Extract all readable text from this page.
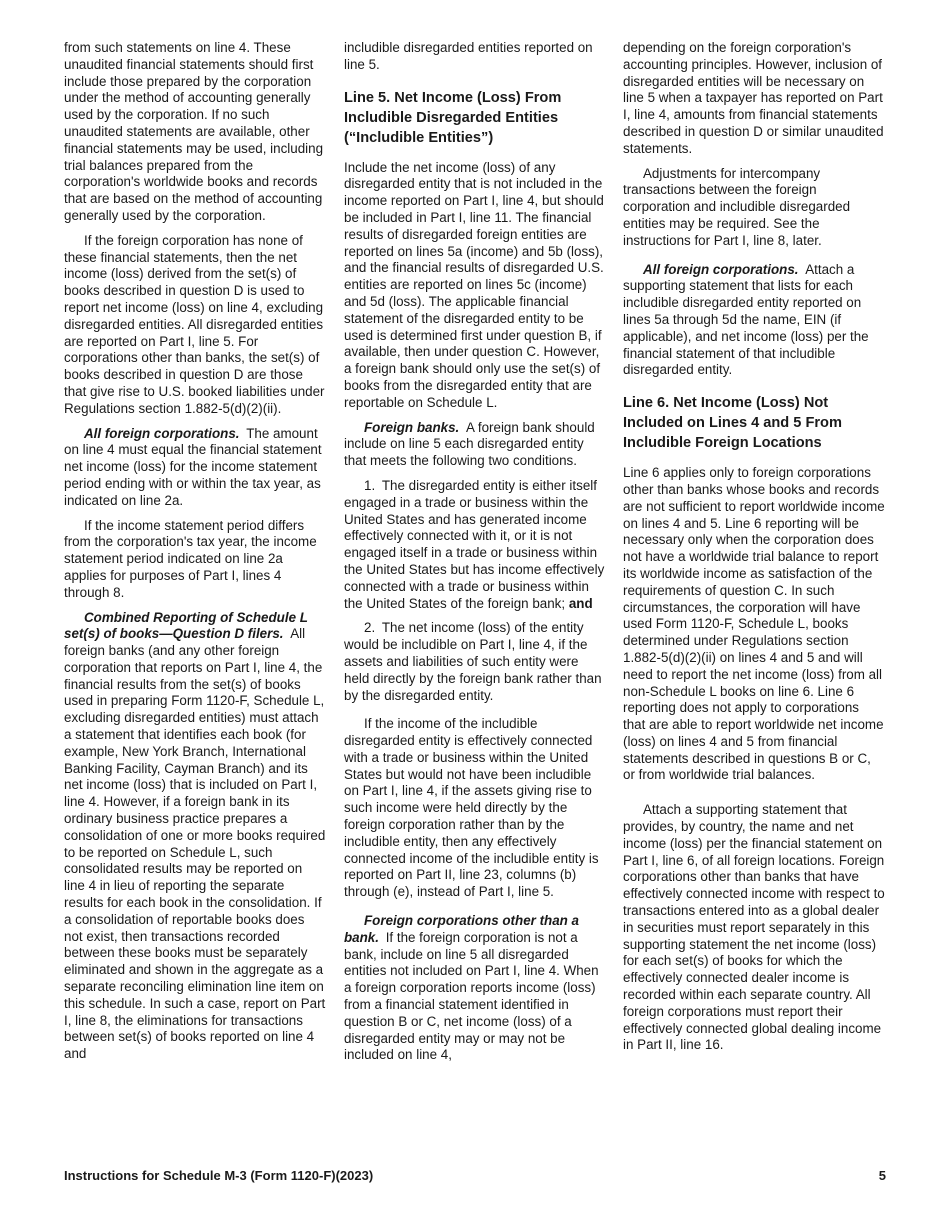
from such statements on line 4. These unaudited financial statements should first include those prepared by the corporation under the method of accounting generally used by the corporation. If no such unaudited statements are available, other financial statements may be used, including trial balances prepared from the corporation's worldwide books and records that are based on the method of accounting generally used by the corporation.

If the foreign corporation has none of these financial statements, then the net income (loss) derived from the set(s) of books described in question D is used to report net income (loss) on line 4, excluding disregarded entities. All disregarded entities are reported on Part I, line 5. For corporations other than banks, the set(s) of books described in question D are those that give rise to U.S. booked liabilities under Regulations section 1.882-5(d)(2)(ii).

All foreign corporations.  The amount on line 4 must equal the financial statement net income (loss) for the income statement period ending with or within the tax year, as indicated on line 2a.

If the income statement period differs from the corporation's tax year, the income statement period indicated on line 2a applies for purposes of Part I, lines 4 through 8.

Combined Reporting of Schedule L set(s) of books—Question D filers.  All foreign banks (and any other foreign corporation that reports on Part I, line 4, the financial results from the set(s) of books used in preparing Form 1120-F, Schedule L, excluding disregarded entities) must attach a statement that identifies each book (for example, New York Branch, International Banking Facility, Cayman Branch) and its net income (loss) that is included on Part I, line 4. However, if a foreign bank in its ordinary business practice prepares a consolidation of one or more books required to be reported on Schedule L, such consolidated results may be reported on line 4 in lieu of reporting the separate results for each book in the consolidation. If a consolidation of reportable books does not exist, then transactions recorded between these books must be separately eliminated and shown in the aggregate as a separate reconciling elimination line item on this schedule. In such a case, report on Part I, line 8, the eliminations for transactions between set(s) of books reported on line 4 and

includible disregarded entities reported on line 5.

Line 5. Net Income (Loss) From Includible Disregarded Entities (“Includible Entities”)

Include the net income (loss) of any disregarded entity that is not included in the income reported on Part I, line 4, but should be included in Part I, line 11. The financial results of disregarded foreign entities are reported on lines 5a (income) and 5b (loss), and the financial results of disregarded U.S. entities are reported on lines 5c (income) and 5d (loss). The applicable financial statement of the disregarded entity to be used is determined first under question B, if available, then under question C. However, a foreign bank should only use the set(s) of books from the disregarded entity that are reportable on Schedule L.

Foreign banks.  A foreign bank should include on line 5 each disregarded entity that meets the following two conditions.

1. The disregarded entity is either itself engaged in a trade or business within the United States and has generated income effectively connected with it, or it is not engaged itself in a trade or business within the United States but has income effectively connected with a trade or business within the United States of the foreign bank; and

2. The net income (loss) of the entity would be includible on Part I, line 4, if the assets and liabilities of such entity were held directly by the foreign bank rather than by the disregarded entity.

If the income of the includible disregarded entity is effectively connected with a trade or business within the United States but would not have been includible on Part I, line 4, if the assets giving rise to such income were held directly by the foreign corporation rather than by the includible entity, then any effectively connected income of the includible entity is reported on Part II, line 23, columns (b) through (e), instead of Part I, line 5.

Foreign corporations other than a bank.  If the foreign corporation is not a bank, include on line 5 all disregarded entities not included on Part I, line 4. When a foreign corporation reports income (loss) from a financial statement identified in question B or C, net income (loss) of a disregarded entity may or may not be included on line 4,

depending on the foreign corporation's accounting principles. However, inclusion of disregarded entities will be necessary on line 5 when a taxpayer has reported on Part I, line 4, amounts from financial statements described in question D or similar unaudited statements.

Adjustments for intercompany transactions between the foreign corporation and includible disregarded entities may be required. See the instructions for Part I, line 8, later.

All foreign corporations.  Attach a supporting statement that lists for each includible disregarded entity reported on lines 5a through 5d the name, EIN (if applicable), and net income (loss) per the financial statement of that includible disregarded entity.

Line 6. Net Income (Loss) Not Included on Lines 4 and 5 From Includible Foreign Locations

Line 6 applies only to foreign corporations other than banks whose books and records are not sufficient to report worldwide income on lines 4 and 5. Line 6 reporting will be necessary only when the corporation does not have a worldwide trial balance to report its worldwide income as satisfaction of the requirements of question C. In such circumstances, the corporation will have used Form 1120-F, Schedule L, books determined under Regulations section 1.882-5(d)(2)(ii) on lines 4 and 5 and will need to report the net income (loss) from all non-Schedule L books on line 6. Line 6 reporting does not apply to corporations that are able to report worldwide net income (loss) on lines 4 and 5 from financial statements described in questions B or C, or from worldwide trial balances.

Attach a supporting statement that provides, by country, the name and net income (loss) per the financial statement on Part I, line 6, of all foreign locations. Foreign corporations other than banks that have effectively connected income with respect to transactions entered into as a global dealer in securities must report separately in this supporting statement the net income (loss) for each set(s) of books for which the effectively connected dealer income is recorded within each separate country. All foreign corporations must report their effectively connected global dealing income in Part II, line 16.

Instructions for Schedule M-3 (Form 1120-F)(2023)	5
